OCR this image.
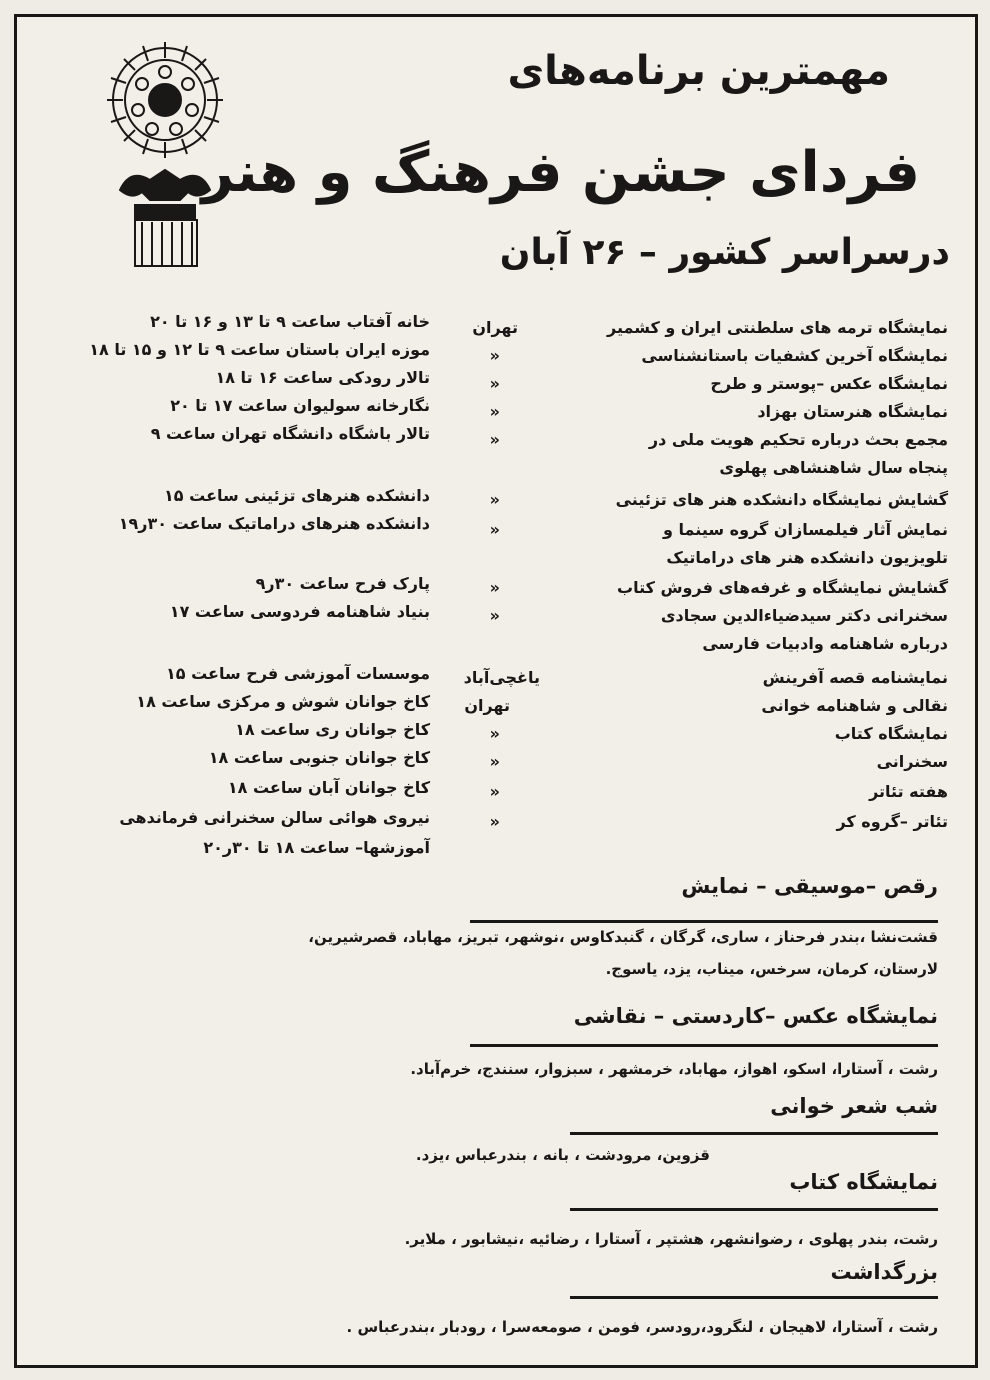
مهمترین برنامه‌های
فردای جشن فرهنگ و هنر
درسراسر کشور – ۲۶ آبان
نمایشگاه ترمه های سلطنتی ایران و کشمیر
تهران
خانه آفتاب ساعت ۹ تا ۱۳ و ۱۶ تا ۲۰
نمایشگاه آخرین کشفیات باستانشناسی
«
موزه ایران باستان ساعت ۹ تا ۱۲ و ۱۵ تا ۱۸
نمایشگاه عکس –پوستر و طرح
«
تالار رودکی ساعت ۱۶ تا ۱۸
نمایشگاه هنرستان بهزاد
«
نگارخانه سولیوان ساعت ۱۷ تا ۲۰
مجمع بحث درباره تحکیم هویت ملی در
«
تالار باشگاه دانشگاه تهران ساعت ۹
پنجاه سال شاهنشاهی پهلوی
گشایش نمایشگاه دانشکده هنر های تزئینی
«
دانشکده هنرهای تزئینی ساعت ۱۵
نمایش آثار فیلمسازان گروه سینما و
«
دانشکده هنرهای دراماتیک ساعت ۳۰ر۱۹
تلویزیون دانشکده هنر های دراماتیک
گشایش نمایشگاه و غرفه‌های فروش کتاب
«
پارک فرح ساعت ۳۰ر۹
سخنرانی دکتر سیدضیاءالدین سجادی
«
بنیاد شاهنامه فردوسی ساعت ۱۷
درباره شاهنامه وادبیات فارسی
نمایشنامه قصه آفرینش
یاغچی‌آباد
موسسات آموزشی فرح ساعت ۱۵
نقالی و شاهنامه خوانی
تهران
کاخ جوانان شوش و مرکزی ساعت ۱۸
نمایشگاه کتاب
«
کاخ جوانان ری ساعت ۱۸
سخنرانی
«
کاخ جوانان جنوبی ساعت ۱۸
هفته تئاتر
«
کاخ جوانان آبان ساعت ۱۸
تئاتر –گروه کر
«
نیروی هوائی سالن سخنرانی فرماندهی
آموزشها– ساعت ۱۸ تا ۳۰ر۲۰
رقص –موسیقی – نمایش
قشت‌نشا ،بندر فرحناز ، ساری، گرگان ، گنبدکاوس ،نوشهر، تبریز، مهاباد، قصرشیرین،
لارستان، کرمان، سرخس، میناب، یزد، یاسوج.
نمایشگاه عکس –کاردستی – نقاشی
رشت ، آستارا، اسکو، اهواز، مهاباد، خرمشهر ، سبزوار، سنندج، خرم‌آباد.
شب شعر خوانی
قزوین، مرودشت ، بانه ، بندرعباس ،یزد.
نمایشگاه کتاب
رشت، بندر پهلوی ، رضوانشهر، هشتپر ، آستارا ، رضائیه ،نیشابور ، ملایر.
بزرگداشت
رشت ، آستارا، لاهیجان ، لنگرود،رودسر، فومن ، صومعه‌سرا ، رودبار ،بندرعباس .
